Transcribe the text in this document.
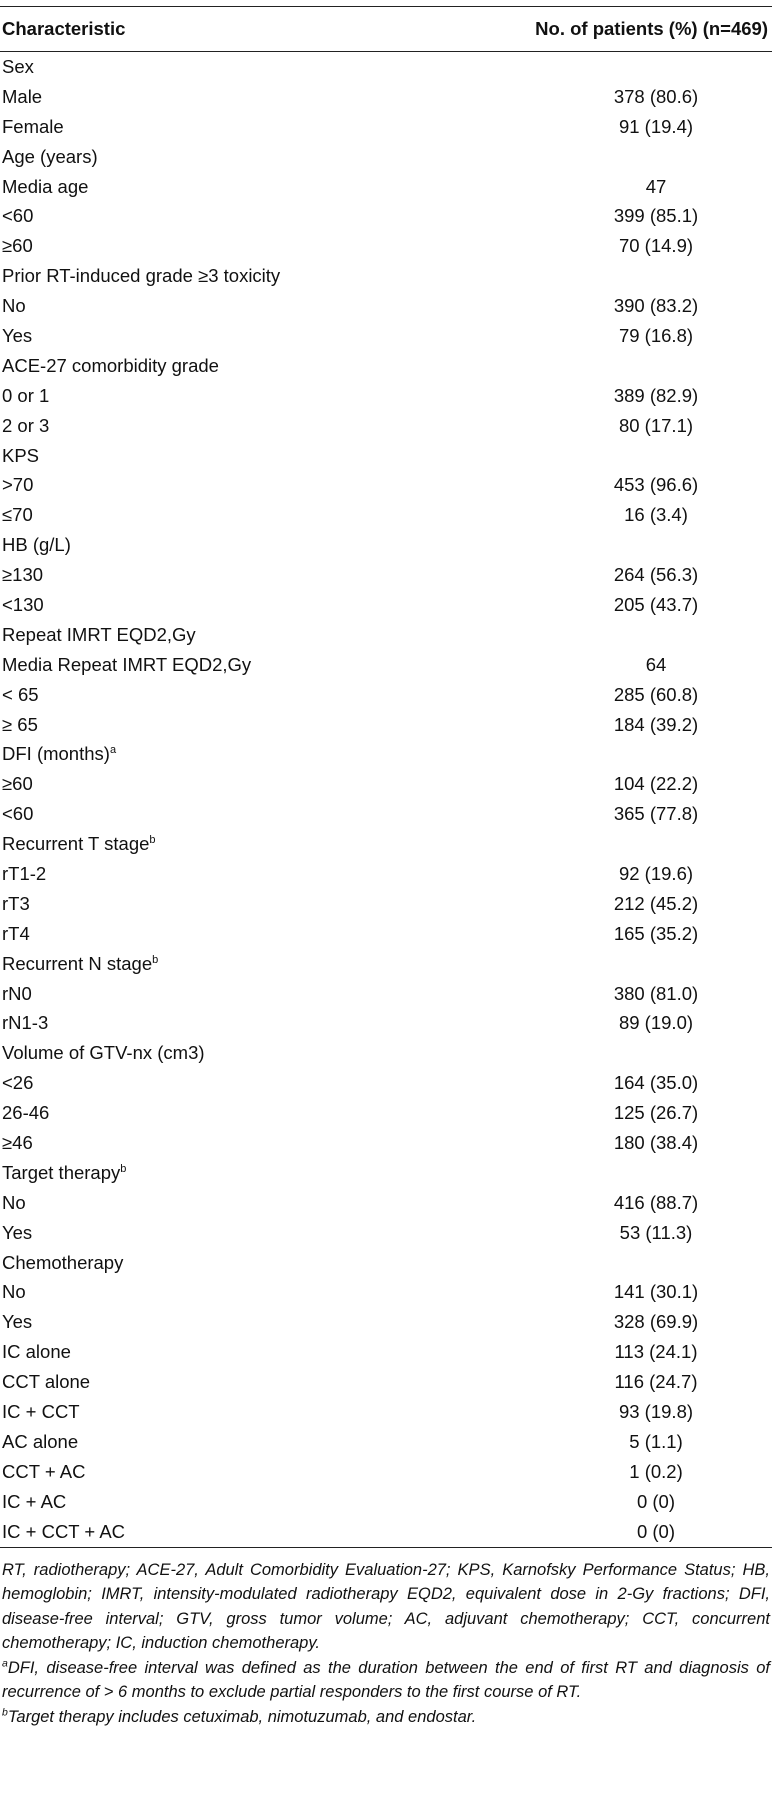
Characteristic	No. of patients (%) (n=469)
Sex	
Male	378 (80.6)
Female	91 (19.4)
Age (years)	
Media age	47
<60	399 (85.1)
≥60	70 (14.9)
Prior RT-induced grade ≥3 toxicity	
No	390 (83.2)
Yes	79 (16.8)
ACE-27 comorbidity grade	
0 or 1	389 (82.9)
2 or 3	80 (17.1)
KPS	
>70	453 (96.6)
≤70	16 (3.4)
HB (g/L)	
≥130	264 (56.3)
<130	205 (43.7)
Repeat IMRT EQD2,Gy	
Media Repeat IMRT EQD2,Gy	64
< 65	285 (60.8)
≥ 65	184 (39.2)
DFI (months)$^a$	
≥60	104 (22.2)
<60	365 (77.8)
Recurrent T stage$^b$	
rT1-2	92 (19.6)
rT3	212 (45.2)
rT4	165 (35.2)
Recurrent N stage$^b$	
rN0	380 (81.0)
rN1-3	89 (19.0)
Volume of GTV-nx (cm3)	
<26	164 (35.0)
26-46	125 (26.7)
≥46	180 (38.4)
Target therapy$^b$	
No	416 (88.7)
Yes	53 (11.3)
Chemotherapy	
No	141 (30.1)
Yes	328 (69.9)
IC alone	113 (24.1)
CCT alone	116 (24.7)
IC + CCT	93 (19.8)
AC alone	5 (1.1)
CCT + AC	1 (0.2)
IC + AC	0 (0)
IC + CCT + AC	0 (0)

RT, radiotherapy; ACE-27, Adult Comorbidity Evaluation-27; KPS, Karnofsky Performance Status; HB, hemoglobin; IMRT, intensity-modulated radiotherapy EQD2, equivalent dose in 2-Gy fractions; DFI, disease-free interval; GTV, gross tumor volume; AC, adjuvant chemotherapy; CCT, concurrent chemotherapy; IC, induction chemotherapy.

$^a$DFI, disease-free interval was defined as the duration between the end of first RT and diagnosis of recurrence of > 6 months to exclude partial responders to the first course of RT.

$^b$Target therapy includes cetuximab, nimotuzumab, and endostar.
